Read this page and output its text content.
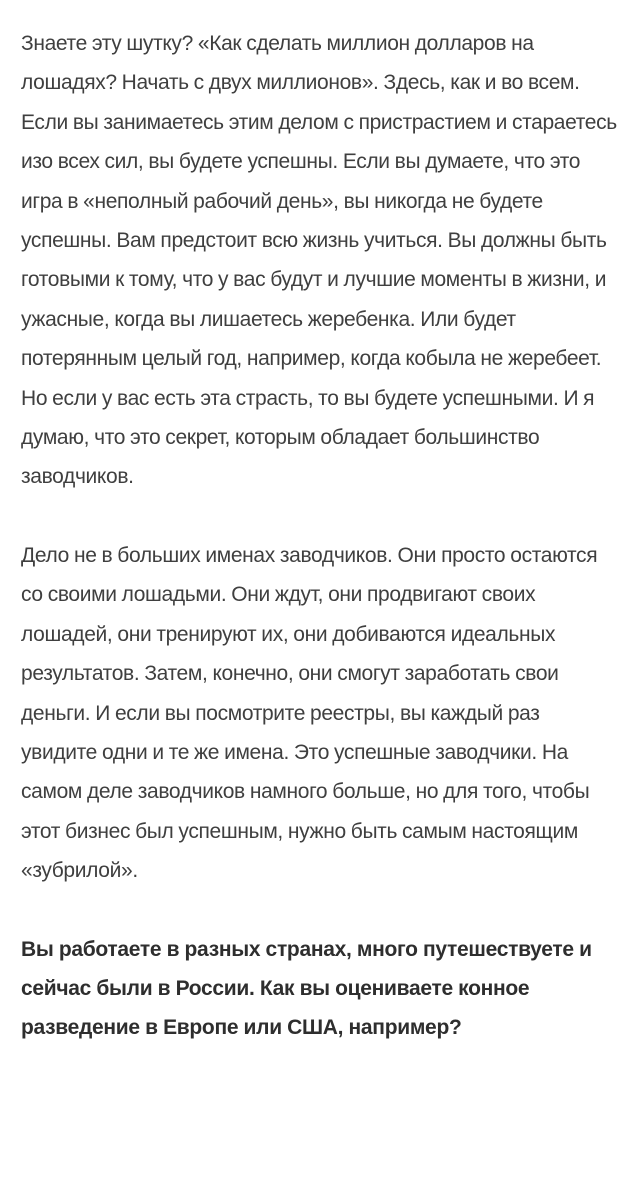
Знаете эту шутку? «Как сделать миллион долларов на лошадях? Начать с двух миллионов». Здесь, как и во всем. Если вы занимаетесь этим делом с пристрастием и стараетесь изо всех сил, вы будете успешны. Если вы думаете, что это игра в «неполный рабочий день», вы никогда не будете успешны. Вам предстоит всю жизнь учиться. Вы должны быть готовыми к тому, что у вас будут и лучшие моменты в жизни, и ужасные, когда вы лишаетесь жеребенка. Или будет потерянным целый год, например, когда кобыла не жеребеет. Но если у вас есть эта страсть, то вы будете успешными. И я думаю, что это секрет, которым обладает большинство заводчиков.

Дело не в больших именах заводчиков. Они просто остаются со своими лошадьми. Они ждут, они продвигают своих лошадей, они тренируют их, они добиваются идеальных результатов. Затем, конечно, они смогут заработать свои деньги. И если вы посмотрите реестры, вы каждый раз увидите одни и те же имена. Это успешные заводчики. На самом деле заводчиков намного больше, но для того, чтобы этот бизнес был успешным, нужно быть самым настоящим «зубрилой».

Вы работаете в разных странах, много путешествуете и сейчас были в России. Как вы оцениваете конное разведение в Европе или США, например?
